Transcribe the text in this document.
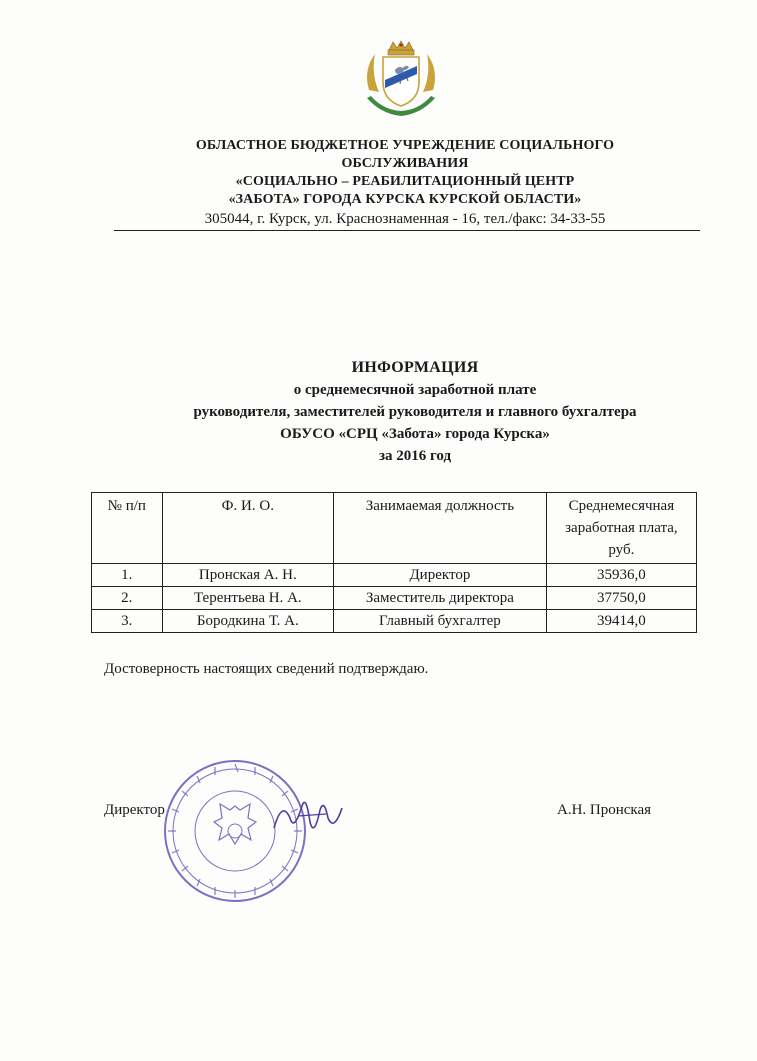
ОБЛАСТНОЕ БЮДЖЕТНОЕ УЧРЕЖДЕНИЕ СОЦИАЛЬНОГО
ОБСЛУЖИВАНИЯ
«СОЦИАЛЬНО – РЕАБИЛИТАЦИОННЫЙ ЦЕНТР
«ЗАБОТА» ГОРОДА КУРСКА КУРСКОЙ ОБЛАСТИ»
305044, г. Курск, ул. Краснознаменная - 16, тел./факс: 34-33-55
ИНФОРМАЦИЯ
о среднемесячной заработной плате
руководителя, заместителей руководителя и главного бухгалтера
ОБУСО «СРЦ «Забота» города Курска»
за 2016 год
№ п/п	Ф. И. О.	Занимаемая должность	Среднемесячная заработная плата, руб.
1.	Пронская А. Н.	Директор	35936,0
2.	Терентьева Н. А.	Заместитель директора	37750,0
3.	Бородкина Т. А.	Главный бухгалтер	39414,0
Достоверность настоящих сведений подтверждаю.
Директор	А.Н. Пронская
